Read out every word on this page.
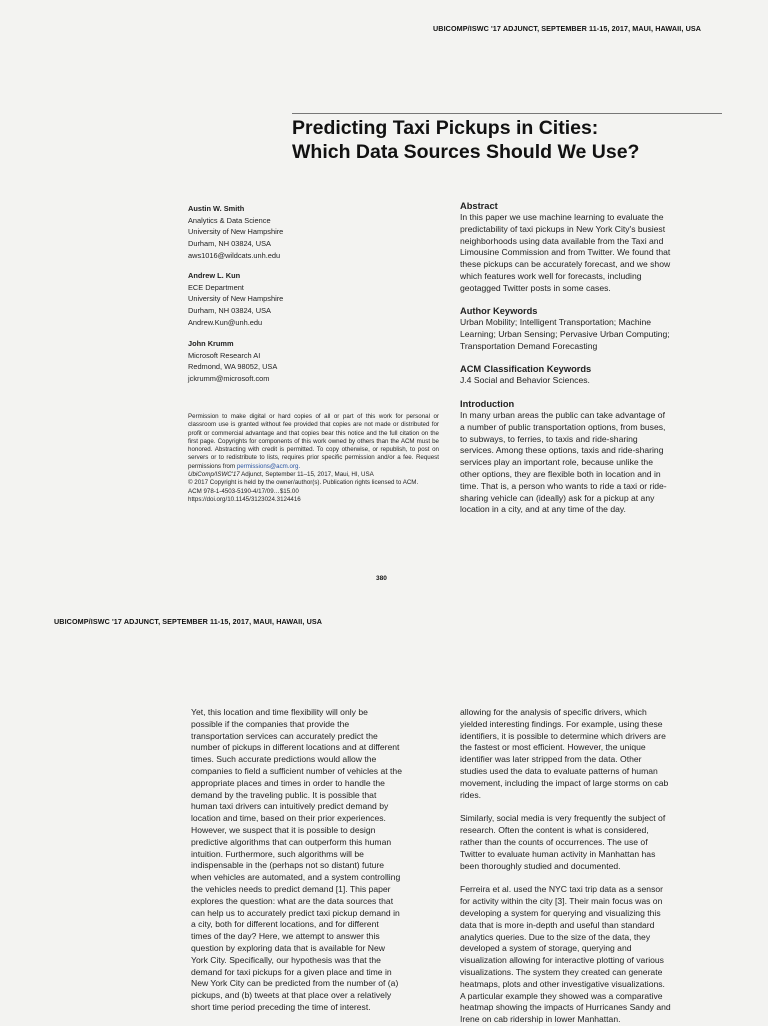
UBICOMP/ISWC '17 ADJUNCT, SEPTEMBER 11-15, 2017, MAUI, HAWAII, USA
Predicting Taxi Pickups in Cities:
Which Data Sources Should We Use?
Austin W. Smith
Analytics & Data Science
University of New Hampshire
Durham, NH 03824, USA
aws1016@wildcats.unh.edu
Andrew L. Kun
ECE Department
University of New Hampshire
Durham, NH 03824, USA
Andrew.Kun@unh.edu
John Krumm
Microsoft Research AI
Redmond, WA 98052, USA
jckrumm@microsoft.com
Permission to make digital or hard copies of all or part of this work for personal or classroom use is granted without fee provided that copies are not made or distributed for profit or commercial advantage and that copies bear this notice and the full citation on the first page. Copyrights for components of this work owned by others than the ACM must be honored. Abstracting with credit is permitted. To copy otherwise, or republish, to post on servers or to redistribute to lists, requires prior specific permission and/or a fee. Request permissions from permissions@acm.org.
UbiComp/ISWC'17 Adjunct, September 11–15, 2017, Maui, HI, USA
© 2017 Copyright is held by the owner/author(s). Publication rights licensed to ACM.
ACM 978-1-4503-5190-4/17/09…$15.00
https://doi.org/10.1145/3123024.3124416
Abstract
In this paper we use machine learning to evaluate the
predictability of taxi pickups in New York City's busiest
neighborhoods using data available from the Taxi and
Limousine Commission and from Twitter. We found that
these pickups can be accurately forecast, and we show
which features work well for forecasts, including
geotagged Twitter posts in some cases.
Author Keywords
Urban Mobility; Intelligent Transportation; Machine
Learning; Urban Sensing; Pervasive Urban Computing;
Transportation Demand Forecasting
ACM Classification Keywords
J.4 Social and Behavior Sciences.
Introduction
In many urban areas the public can take advantage of
a number of public transportation options, from buses,
to subways, to ferries, to taxis and ride-sharing
services. Among these options, taxis and ride-sharing
services play an important role, because unlike the
other options, they are flexible both in location and in
time. That is, a person who wants to ride a taxi or ride-
sharing vehicle can (ideally) ask for a pickup at any
location in a city, and at any time of the day.
380
UBICOMP/ISWC '17 ADJUNCT, SEPTEMBER 11-15, 2017, MAUI, HAWAII, USA
Yet, this location and time flexibility will only be
possible if the companies that provide the
transportation services can accurately predict the
number of pickups in different locations and at different
times. Such accurate predictions would allow the
companies to field a sufficient number of vehicles at the
appropriate places and times in order to handle the
demand by the traveling public. It is possible that
human taxi drivers can intuitively predict demand by
location and time, based on their prior experiences.
However, we suspect that it is possible to design
predictive algorithms that can outperform this human
intuition. Furthermore, such algorithms will be
indispensable in the (perhaps not so distant) future
when vehicles are automated, and a system controlling
the vehicles needs to predict demand [1]. This paper
explores the question: what are the data sources that
can help us to accurately predict taxi pickup demand in
a city, both for different locations, and for different
times of the day? Here, we attempt to answer this
question by exploring data that is available for New
York City. Specifically, our hypothesis was that the
demand for taxi pickups for a given place and time in
New York City can be predicted from the number of (a)
pickups, and (b) tweets at that place over a relatively
short time period preceding the time of interest.
allowing for the analysis of specific drivers, which
yielded interesting findings. For example, using these
identifiers, it is possible to determine which drivers are
the fastest or most efficient. However, the unique
identifier was later stripped from the data. Other
studies used the data to evaluate patterns of human
movement, including the impact of large storms on cab
rides.
Similarly, social media is very frequently the subject of
research. Often the content is what is considered,
rather than the counts of occurrences. The use of
Twitter to evaluate human activity in Manhattan has
been thoroughly studied and documented.
Ferreira et al. used the NYC taxi trip data as a sensor
for activity within the city [3]. Their main focus was on
developing a system for querying and visualizing this
data that is more in-depth and useful than standard
analytics queries. Due to the size of the data, they
developed a system of storage, querying and
visualization allowing for interactive plotting of various
visualizations. The system they created can generate
heatmaps, plots and other investigative visualizations.
A particular example they showed was a comparative
heatmap showing the impacts of Hurricanes Sandy and
Irene on cab ridership in lower Manhattan.
